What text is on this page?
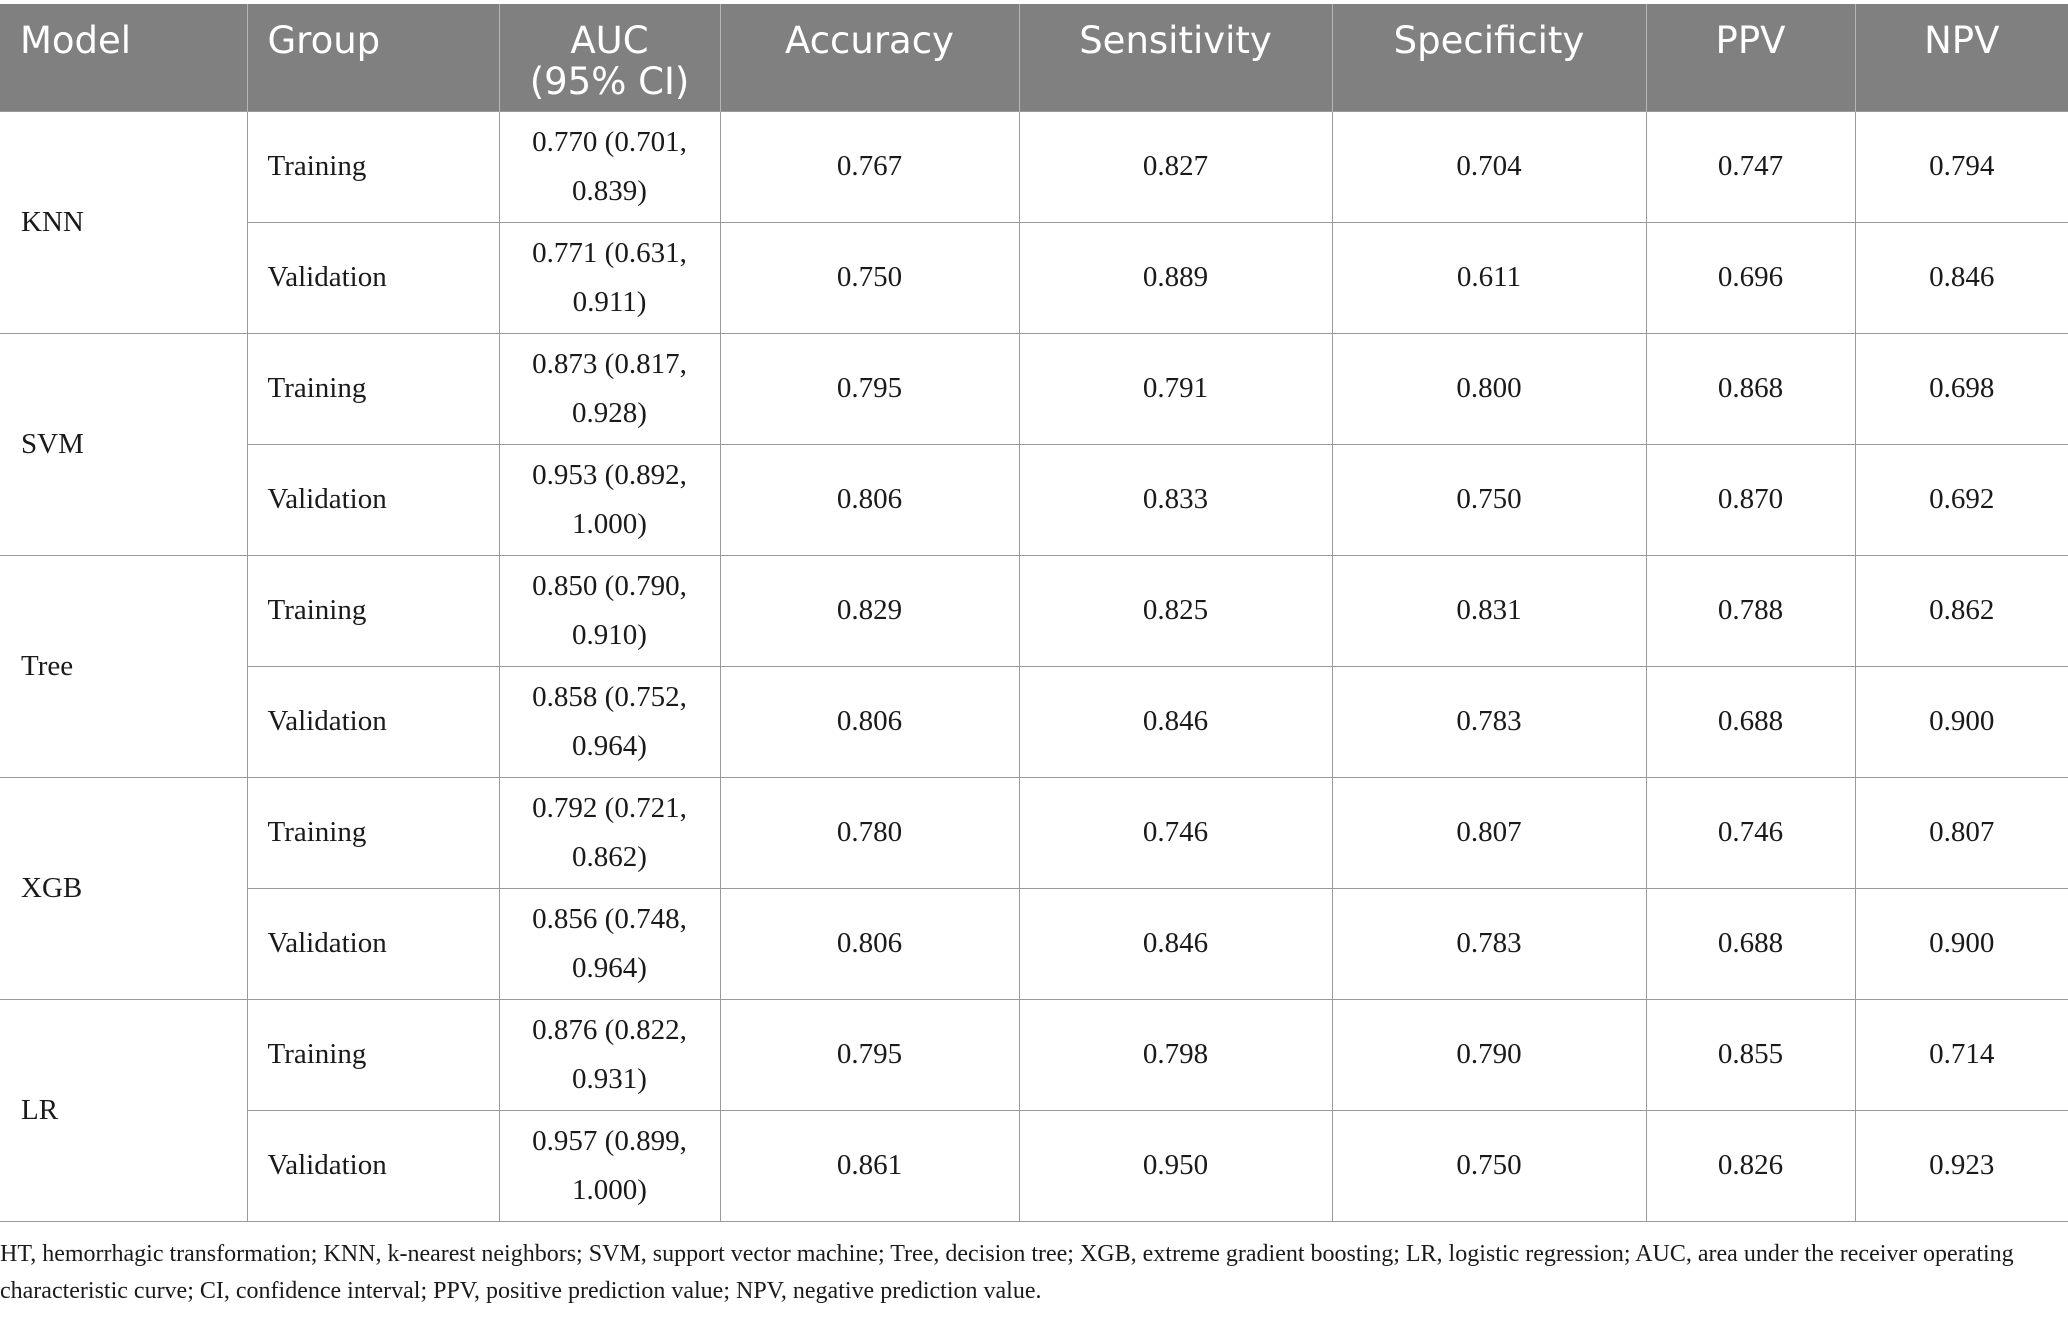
Model	Group	AUC (95% CI)	Accuracy	Sensitivity	Specificity	PPV	NPV
KNN	Training	0.770 (0.701, 0.839)	0.767	0.827	0.704	0.747	0.794
	Validation	0.771 (0.631, 0.911)	0.750	0.889	0.611	0.696	0.846
SVM	Training	0.873 (0.817, 0.928)	0.795	0.791	0.800	0.868	0.698
	Validation	0.953 (0.892, 1.000)	0.806	0.833	0.750	0.870	0.692
Tree	Training	0.850 (0.790, 0.910)	0.829	0.825	0.831	0.788	0.862
	Validation	0.858 (0.752, 0.964)	0.806	0.846	0.783	0.688	0.900
XGB	Training	0.792 (0.721, 0.862)	0.780	0.746	0.807	0.746	0.807
	Validation	0.856 (0.748, 0.964)	0.806	0.846	0.783	0.688	0.900
LR	Training	0.876 (0.822, 0.931)	0.795	0.798	0.790	0.855	0.714
	Validation	0.957 (0.899, 1.000)	0.861	0.950	0.750	0.826	0.923
HT, hemorrhagic transformation; KNN, k-nearest neighbors; SVM, support vector machine; Tree, decision tree; XGB, extreme gradient boosting; LR, logistic regression; AUC, area under the receiver operating characteristic curve; CI, confidence interval; PPV, positive prediction value; NPV, negative prediction value.
